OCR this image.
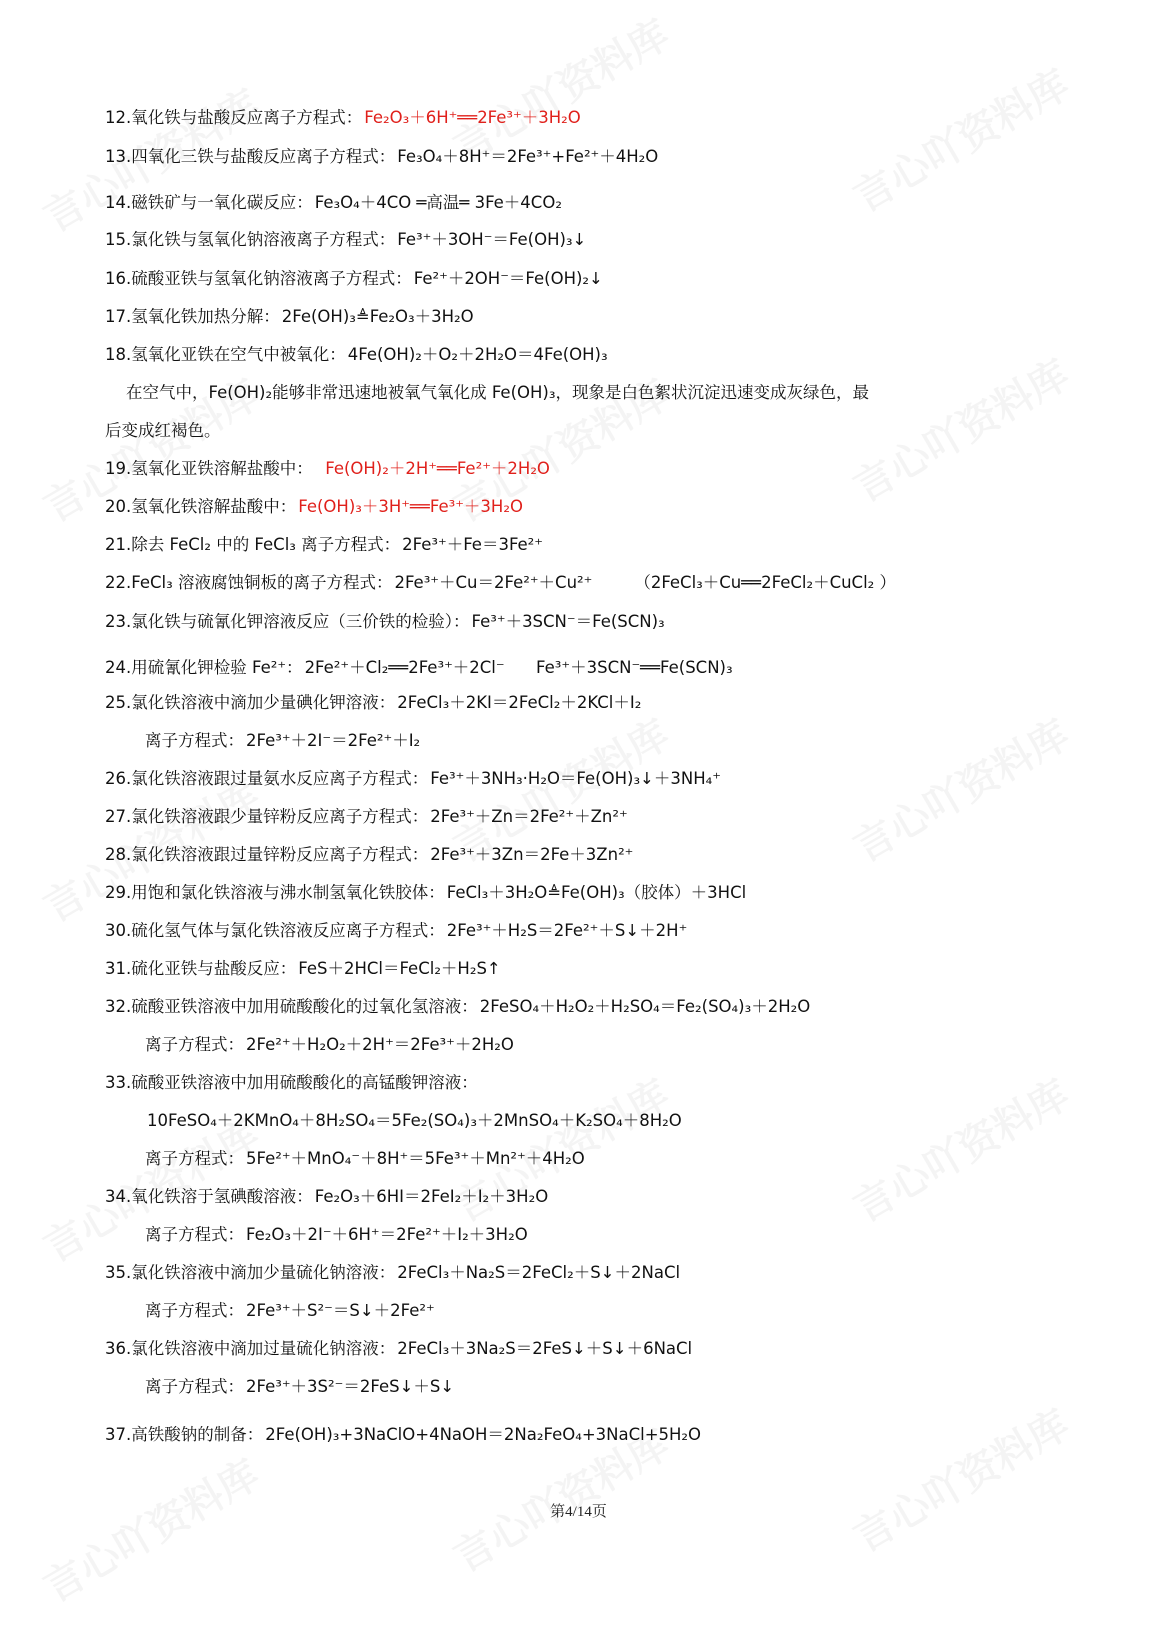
12.氧化铁与盐酸反应离子方程式： Fe₂O₃＋6H⁺══2Fe³⁺＋3H₂O
13.四氧化三铁与盐酸反应离子方程式： Fe₃O₄＋8H⁺＝2Fe³⁺+Fe²⁺＋4H₂O
14.磁铁矿与一氧化碳反应： Fe₃O₄＋4CO ═高温═ 3Fe＋4CO₂
15.氯化铁与氢氧化钠溶液离子方程式： Fe³⁺＋3OH⁻＝Fe(OH)₃↓
16.硫酸亚铁与氢氧化钠溶液离子方程式： Fe²⁺＋2OH⁻＝Fe(OH)₂↓
17.氢氧化铁加热分解： 2Fe(OH)₃≜Fe₂O₃＋3H₂O
18.氢氧化亚铁在空气中被氧化： 4Fe(OH)₂＋O₂＋2H₂O＝4Fe(OH)₃
在空气中，Fe(OH)₂能够非常迅速地被氧气氧化成 Fe(OH)₃，现象是白色絮状沉淀迅速变成灰绿色，最
后变成红褐色。
19.氢氧化亚铁溶解盐酸中：  Fe(OH)₂＋2H⁺══Fe²⁺＋2H₂O
20.氢氧化铁溶解盐酸中： Fe(OH)₃＋3H⁺══Fe³⁺＋3H₂O
21.除去 FeCl₂ 中的 FeCl₃ 离子方程式： 2Fe³⁺＋Fe＝3Fe²⁺
22.FeCl₃ 溶液腐蚀铜板的离子方程式： 2Fe³⁺＋Cu＝2Fe²⁺＋Cu²⁺        （2FeCl₃＋Cu══2FeCl₂＋CuCl₂ ）
23.氯化铁与硫氰化钾溶液反应（三价铁的检验）： Fe³⁺＋3SCN⁻＝Fe(SCN)₃
24.用硫氰化钾检验 Fe²⁺： 2Fe²⁺＋Cl₂══2Fe³⁺＋2Cl⁻      Fe³⁺＋3SCN⁻══Fe(SCN)₃
25.氯化铁溶液中滴加少量碘化钾溶液： 2FeCl₃＋2KI＝2FeCl₂＋2KCl＋I₂
离子方程式： 2Fe³⁺＋2I⁻＝2Fe²⁺＋I₂
26.氯化铁溶液跟过量氨水反应离子方程式： Fe³⁺＋3NH₃·H₂O＝Fe(OH)₃↓＋3NH₄⁺
27.氯化铁溶液跟少量锌粉反应离子方程式： 2Fe³⁺＋Zn＝2Fe²⁺＋Zn²⁺
28.氯化铁溶液跟过量锌粉反应离子方程式： 2Fe³⁺＋3Zn＝2Fe＋3Zn²⁺
29.用饱和氯化铁溶液与沸水制氢氧化铁胶体： FeCl₃＋3H₂O≜Fe(OH)₃（胶体）＋3HCl
30.硫化氢气体与氯化铁溶液反应离子方程式： 2Fe³⁺＋H₂S＝2Fe²⁺＋S↓＋2H⁺
31.硫化亚铁与盐酸反应： FeS＋2HCl＝FeCl₂＋H₂S↑
32.硫酸亚铁溶液中加用硫酸酸化的过氧化氢溶液： 2FeSO₄＋H₂O₂＋H₂SO₄＝Fe₂(SO₄)₃＋2H₂O
离子方程式： 2Fe²⁺＋H₂O₂＋2H⁺＝2Fe³⁺＋2H₂O
33.硫酸亚铁溶液中加用硫酸酸化的高锰酸钾溶液：
10FeSO₄＋2KMnO₄＋8H₂SO₄＝5Fe₂(SO₄)₃＋2MnSO₄＋K₂SO₄＋8H₂O
离子方程式： 5Fe²⁺＋MnO₄⁻＋8H⁺＝5Fe³⁺＋Mn²⁺＋4H₂O
34.氧化铁溶于氢碘酸溶液： Fe₂O₃＋6HI＝2FeI₂＋I₂＋3H₂O
离子方程式： Fe₂O₃＋2I⁻＋6H⁺＝2Fe²⁺＋I₂＋3H₂O
35.氯化铁溶液中滴加少量硫化钠溶液： 2FeCl₃＋Na₂S＝2FeCl₂＋S↓＋2NaCl
离子方程式： 2Fe³⁺＋S²⁻＝S↓＋2Fe²⁺
36.氯化铁溶液中滴加过量硫化钠溶液： 2FeCl₃＋3Na₂S＝2FeS↓＋S↓＋6NaCl
离子方程式： 2Fe³⁺＋3S²⁻＝2FeS↓＋S↓
37.高铁酸钠的制备： 2Fe(OH)₃+3NaClO+4NaOH＝2Na₂FeO₄+3NaCl+5H₂O
第4/14页
